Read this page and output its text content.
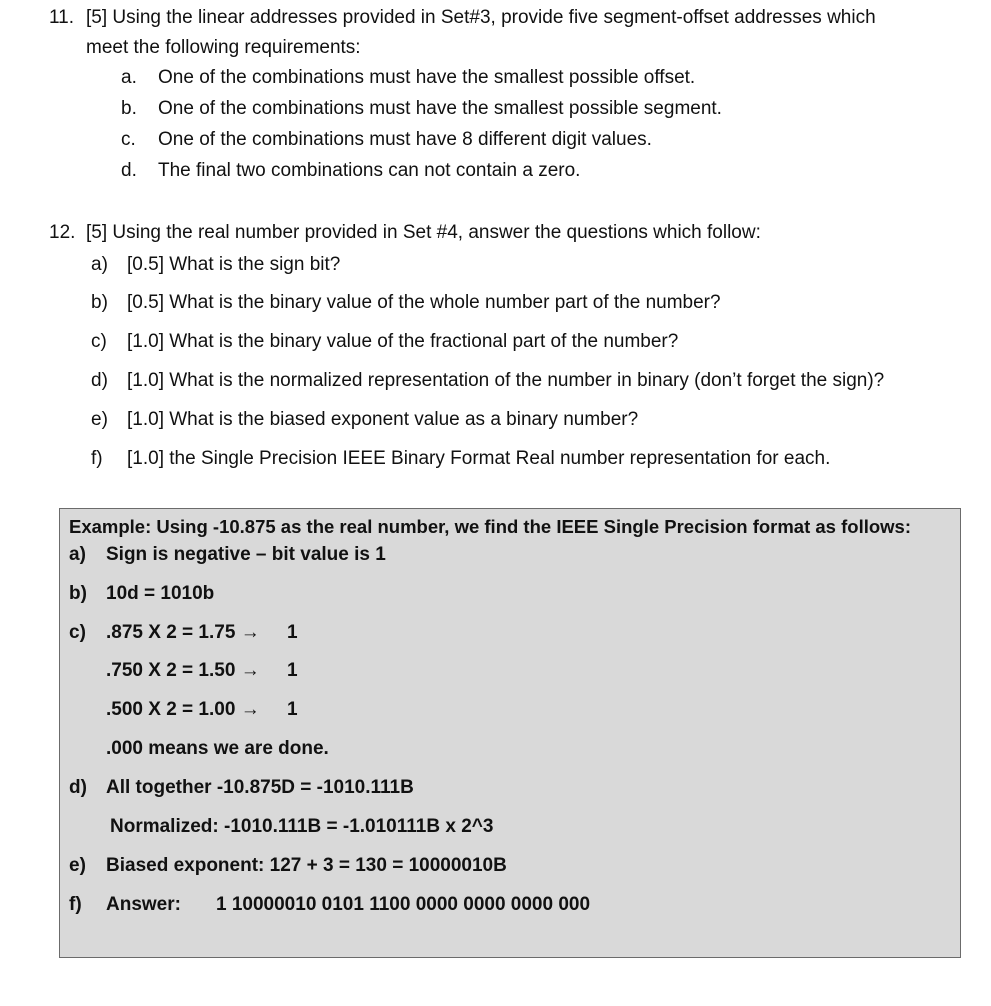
11. [5] Using the linear addresses provided in Set#3, provide five segment-offset addresses which
meet the following requirements:
a. One of the combinations must have the smallest possible offset.
b. One of the combinations must have the smallest possible segment.
c. One of the combinations must have 8 different digit values.
d. The final two combinations can not contain a zero.
12. [5] Using the real number provided in Set #4, answer the questions which follow:
a) [0.5] What is the sign bit?
b) [0.5] What is the binary value of the whole number part of the number?
c) [1.0] What is the binary value of the fractional part of the number?
d) [1.0] What is the normalized representation of the number in binary (don’t forget the sign)?
e) [1.0] What is the biased exponent value as a binary number?
f) [1.0] the Single Precision IEEE Binary Format Real number representation for each.
Example: Using -10.875 as the real number, we find the IEEE Single Precision format as follows:
a) Sign is negative – bit value is 1
b) 10d = 1010b
c) .875 X 2 = 1.75 → 1
.750 X 2 = 1.50 → 1
.500 X 2 = 1.00 → 1
.000 means we are done.
d) All together -10.875D = -1010.111B
Normalized: -1010.111B = -1.010111B x 2^3
e) Biased exponent: 127 + 3 = 130 = 10000010B
f) Answer: 1 10000010 0101 1100 0000 0000 0000 000
